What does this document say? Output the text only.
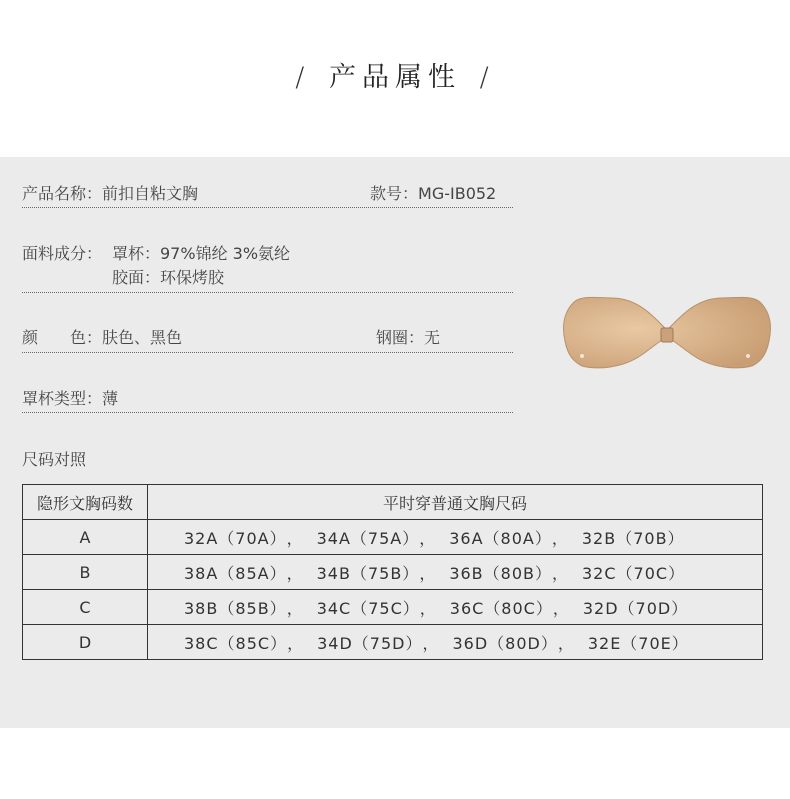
/ 产品属性 /
产品名称：前扣自粘文胸	款号：MG-IB052
面料成分： 罩杯：97%锦纶 3%氨纶
胶面：环保烤胶
颜　　色：肤色、黑色	钢圈：无
罩杯类型：薄
尺码对照
隐形文胸码数	平时穿普通文胸尺码
A	32A（70A）， 34A（75A）， 36A（80A）， 32B（70B）
B	38A（85A）， 34B（75B）， 36B（80B）， 32C（70C）
C	38B（85B）， 34C（75C）， 36C（80C）， 32D（70D）
D	38C（85C）， 34D（75D）， 36D（80D）， 32E（70E）
